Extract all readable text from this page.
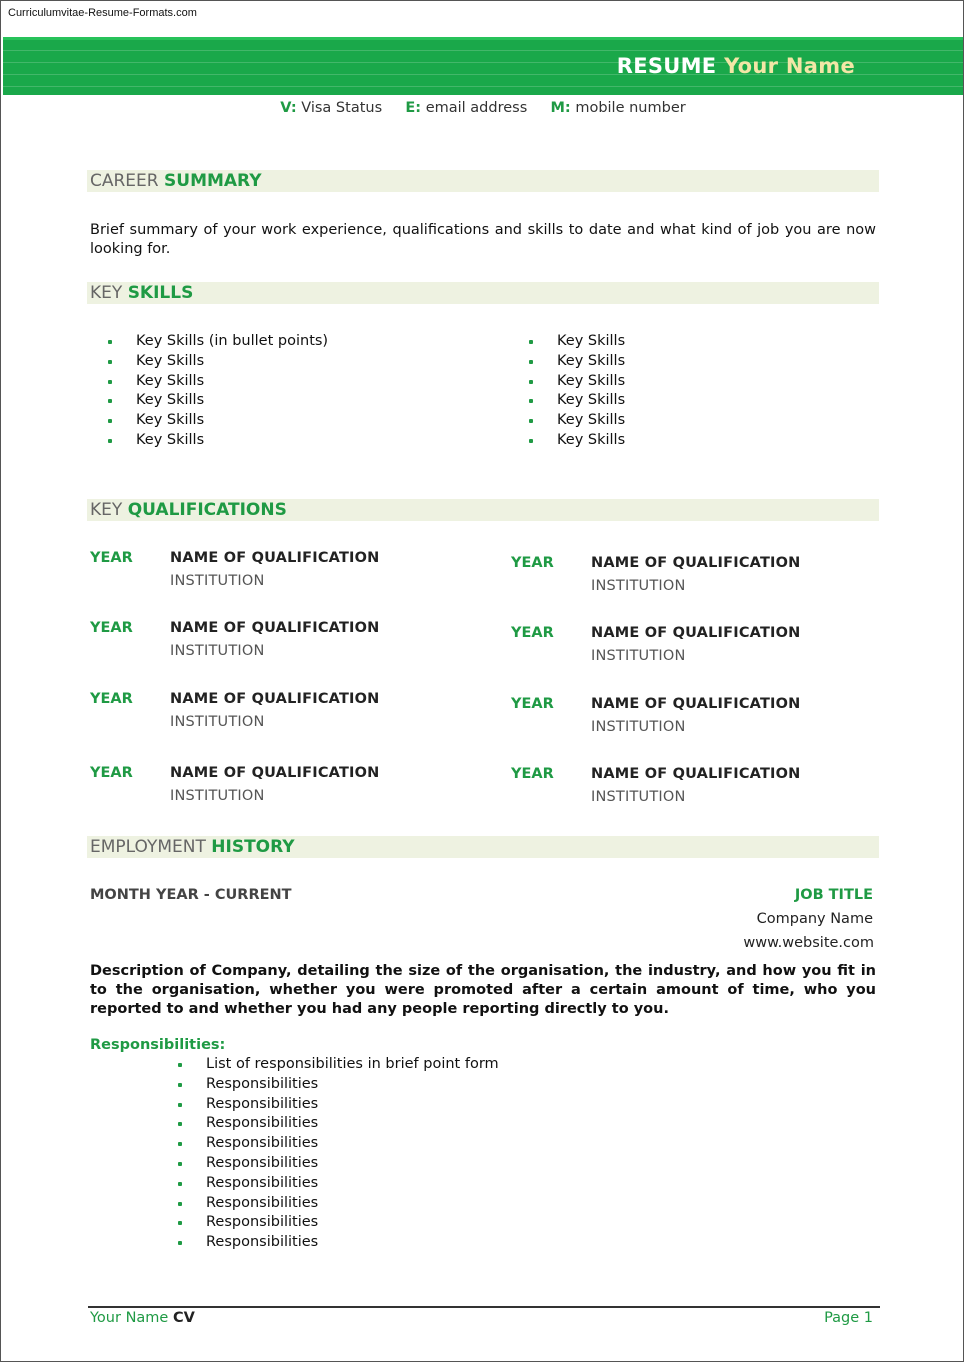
Curriculumvitae-Resume-Formats.com
RESUME Your Name
V: Visa Status E: email address M: mobile number
CAREER SUMMARY
Brief summary of your work experience, qualifications and skills to date and what kind of job you are now looking for.
KEY SKILLS
Key Skills (in bullet points)
Key Skills
Key Skills
Key Skills
Key Skills
Key Skills
Key Skills
Key Skills
Key Skills
Key Skills
Key Skills
Key Skills
KEY QUALIFICATIONS
YEAR	NAME OF QUALIFICATION
INSTITUTION
YEAR	NAME OF QUALIFICATION
INSTITUTION
YEAR	NAME OF QUALIFICATION
INSTITUTION
YEAR	NAME OF QUALIFICATION
INSTITUTION
YEAR	NAME OF QUALIFICATION
INSTITUTION
YEAR	NAME OF QUALIFICATION
INSTITUTION
YEAR	NAME OF QUALIFICATION
INSTITUTION
YEAR	NAME OF QUALIFICATION
INSTITUTION
EMPLOYMENT HISTORY
MONTH YEAR - CURRENT	JOB TITLE
Company Name
www.website.com
Description of Company, detailing the size of the organisation, the industry, and how you fit in to the organisation, whether you were promoted after a certain amount of time, who you reported to and whether you had any people reporting directly to you.
Responsibilities:
List of responsibilities in brief point form
Responsibilities
Responsibilities
Responsibilities
Responsibilities
Responsibilities
Responsibilities
Responsibilities
Responsibilities
Responsibilities
Your Name CV	Page 1
